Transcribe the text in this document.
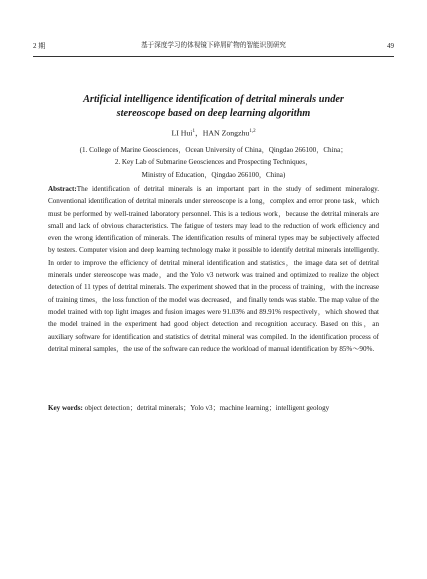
2 期	基于深度学习的体视镜下碎屑矿物的智能识别研究	49
Artificial intelligence identification of detrital minerals under
stereoscope based on deep learning algorithm
LI Hui$^1$，HAN Zongzhu$^{1,2}$
(1. College of Marine Geosciences，Ocean University of China，Qingdao 266100，China；
2. Key Lab of Submarine Geosciences and Prospecting Techniques，
Ministry of Education，Qingdao 266100，China)
Abstract:The identification of detrital minerals is an important part in the study of sediment mineralogy. Conventional identification of detrital minerals under stereoscope is a long，complex and error prone task，which must be performed by well-trained laboratory personnel. This is a tedious work，because the detrital minerals are small and lack of obvious characteristics. The fatigue of testers may lead to the reduction of work efficiency and even the wrong identification of minerals. The identification results of mineral types may be subjectively affected by testers. Computer vision and deep learning technology make it possible to identify detrital minerals intelligently. In order to improve the efficiency of detrital mineral identification and statistics，the image data set of detrital minerals under stereoscope was made，and the Yolo v3 network was trained and optimized to realize the object detection of 11 types of detrital minerals. The experiment showed that in the process of training，with the increase of training times，the loss function of the model was decreased，and finally tends was stable. The map value of the model trained with top light images and fusion images were 91.03% and 89.91% respectively，which showed that the model trained in the experiment had good object detection and recognition accuracy. Based on this，an auxiliary software for identification and statistics of detrital mineral was compiled. In the identification process of detrital mineral samples，the use of the software can reduce the workload of manual identification by 85%～90%.
Key words: object detection；detrital minerals；Yolo v3；machine learning；intelligent geology
